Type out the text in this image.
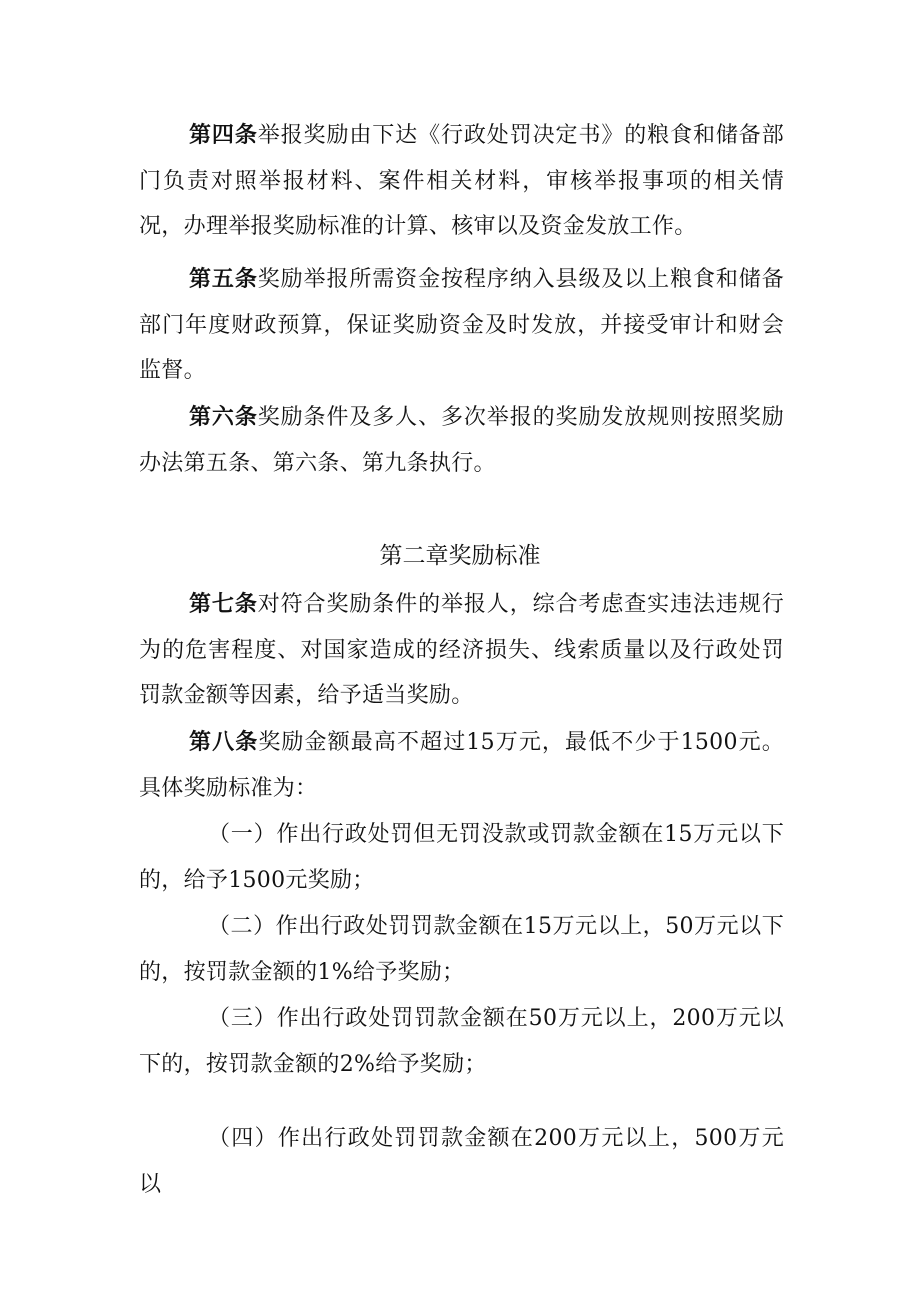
第四条举报奖励由下达《行政处罚决定书》的粮食和储备部门负责对照举报材料、案件相关材料，审核举报事项的相关情况，办理举报奖励标准的计算、核审以及资金发放工作。

第五条奖励举报所需资金按程序纳入县级及以上粮食和储备部门年度财政预算，保证奖励资金及时发放，并接受审计和财会监督。

第六条奖励条件及多人、多次举报的奖励发放规则按照奖励办法第五条、第六条、第九条执行。

第二章奖励标准

第七条对符合奖励条件的举报人，综合考虑查实违法违规行为的危害程度、对国家造成的经济损失、线索质量以及行政处罚罚款金额等因素，给予适当奖励。

第八条奖励金额最高不超过15万元，最低不少于1500元。具体奖励标准为：

（一）作出行政处罚但无罚没款或罚款金额在15万元以下的，给予1500元奖励；

（二）作出行政处罚罚款金额在15万元以上，50万元以下的，按罚款金额的1%给予奖励；

（三）作出行政处罚罚款金额在50万元以上，200万元以下的，按罚款金额的2%给予奖励；

（四）作出行政处罚罚款金额在200万元以上，500万元以
